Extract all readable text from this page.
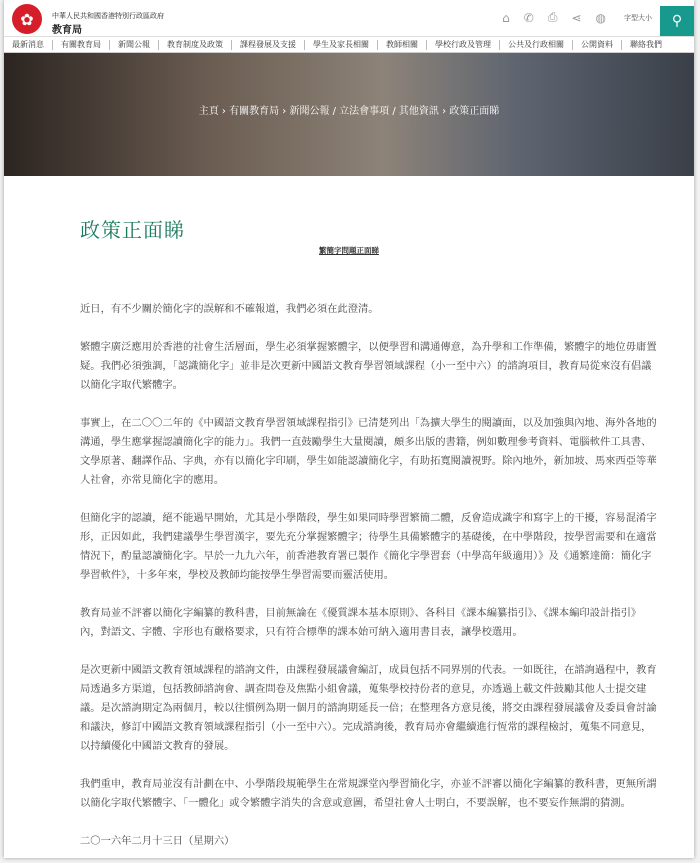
✿	中華人民共和國香港特別行政區政府
教育局
⌂ ✆ ⎙ ⋖ ◍	字型大小 ⚲
最新消息	有關教育局	新聞公報	教育制度及政策	課程發展及支援	學生及家長相關	教師相關	學校行政及管理	公共及行政相關	公開資料	聯絡我們
主頁 › 有關教育局 › 新聞公報 / 立法會事項 / 其他資訊 › 政策正面睇
政策正面睇
繁簡字問題正面睇

近日，有不少關於簡化字的誤解和不確報道，我們必須在此澄清。

繁體字廣泛應用於香港的社會生活層面，學生必須掌握繁體字，以便學習和溝通傳意，為升學和工作準備，繁體字的地位毋庸置疑。我們必須強調，「認識簡化字」並非是次更新中國語文教育學習領域課程（小一至中六）的諮詢項目，教育局從來沒有倡議以簡化字取代繁體字。

事實上，在二〇〇二年的《中國語文教育學習領域課程指引》已清楚列出「為擴大學生的閱讀面，以及加強與內地、海外各地的溝通，學生應掌握認讀簡化字的能力」。我們一直鼓勵學生大量閱讀，頗多出版的書籍，例如數理參考資料、電腦軟件工具書、文學原著、翻譯作品、字典，亦有以簡化字印刷，學生如能認讀簡化字，有助拓寬閱讀視野。除內地外，新加坡、馬來西亞等華人社會，亦常見簡化字的應用。

但簡化字的認讀，絕不能過早開始，尤其是小學階段，學生如果同時學習繁簡二體，反會造成識字和寫字上的干擾，容易混淆字形，正因如此，我們建議學生學習漢字，要先充分掌握繁體字；待學生具備繁體字的基礎後，在中學階段，按學習需要和在適當情況下，酌量認讀簡化字。早於一九九六年，前香港教育署已製作《簡化字學習套（中學高年級適用）》及《通繁達簡：簡化字學習軟件》，十多年來，學校及教師均能按學生學習需要而靈活使用。

教育局並不評審以簡化字編纂的教科書，目前無論在《優質課本基本原則》、各科目《課本編纂指引》、《課本編印設計指引》內，對語文、字體、字形也有嚴格要求，只有符合標準的課本始可納入適用書目表，讓學校選用。

是次更新中國語文教育領域課程的諮詢文件，由課程發展議會編訂，成員包括不同界別的代表。一如既往，在諮詢過程中，教育局透過多方渠道，包括教師諮詢會、調查問卷及焦點小組會議，蒐集學校持份者的意見，亦透過上載文件鼓勵其他人士提交建議。是次諮詢期定為兩個月，較以往慣例為期一個月的諮詢期延長一倍；在整理各方意見後，將交由課程發展議會及委員會討論和議決，修訂中國語文教育領域課程指引（小一至中六）。完成諮詢後，教育局亦會繼續進行恆常的課程檢討，蒐集不同意見，以持續優化中國語文教育的發展。

我們重申，教育局並沒有計劃在中、小學階段規範學生在常規課堂內學習簡化字，亦並不評審以簡化字編纂的教科書，更無所謂以簡化字取代繁體字、「一體化」或令繁體字消失的含意或意圖，希望社會人士明白，不要誤解，也不要妄作無謂的猜測。

二〇一六年二月十三日（星期六）
